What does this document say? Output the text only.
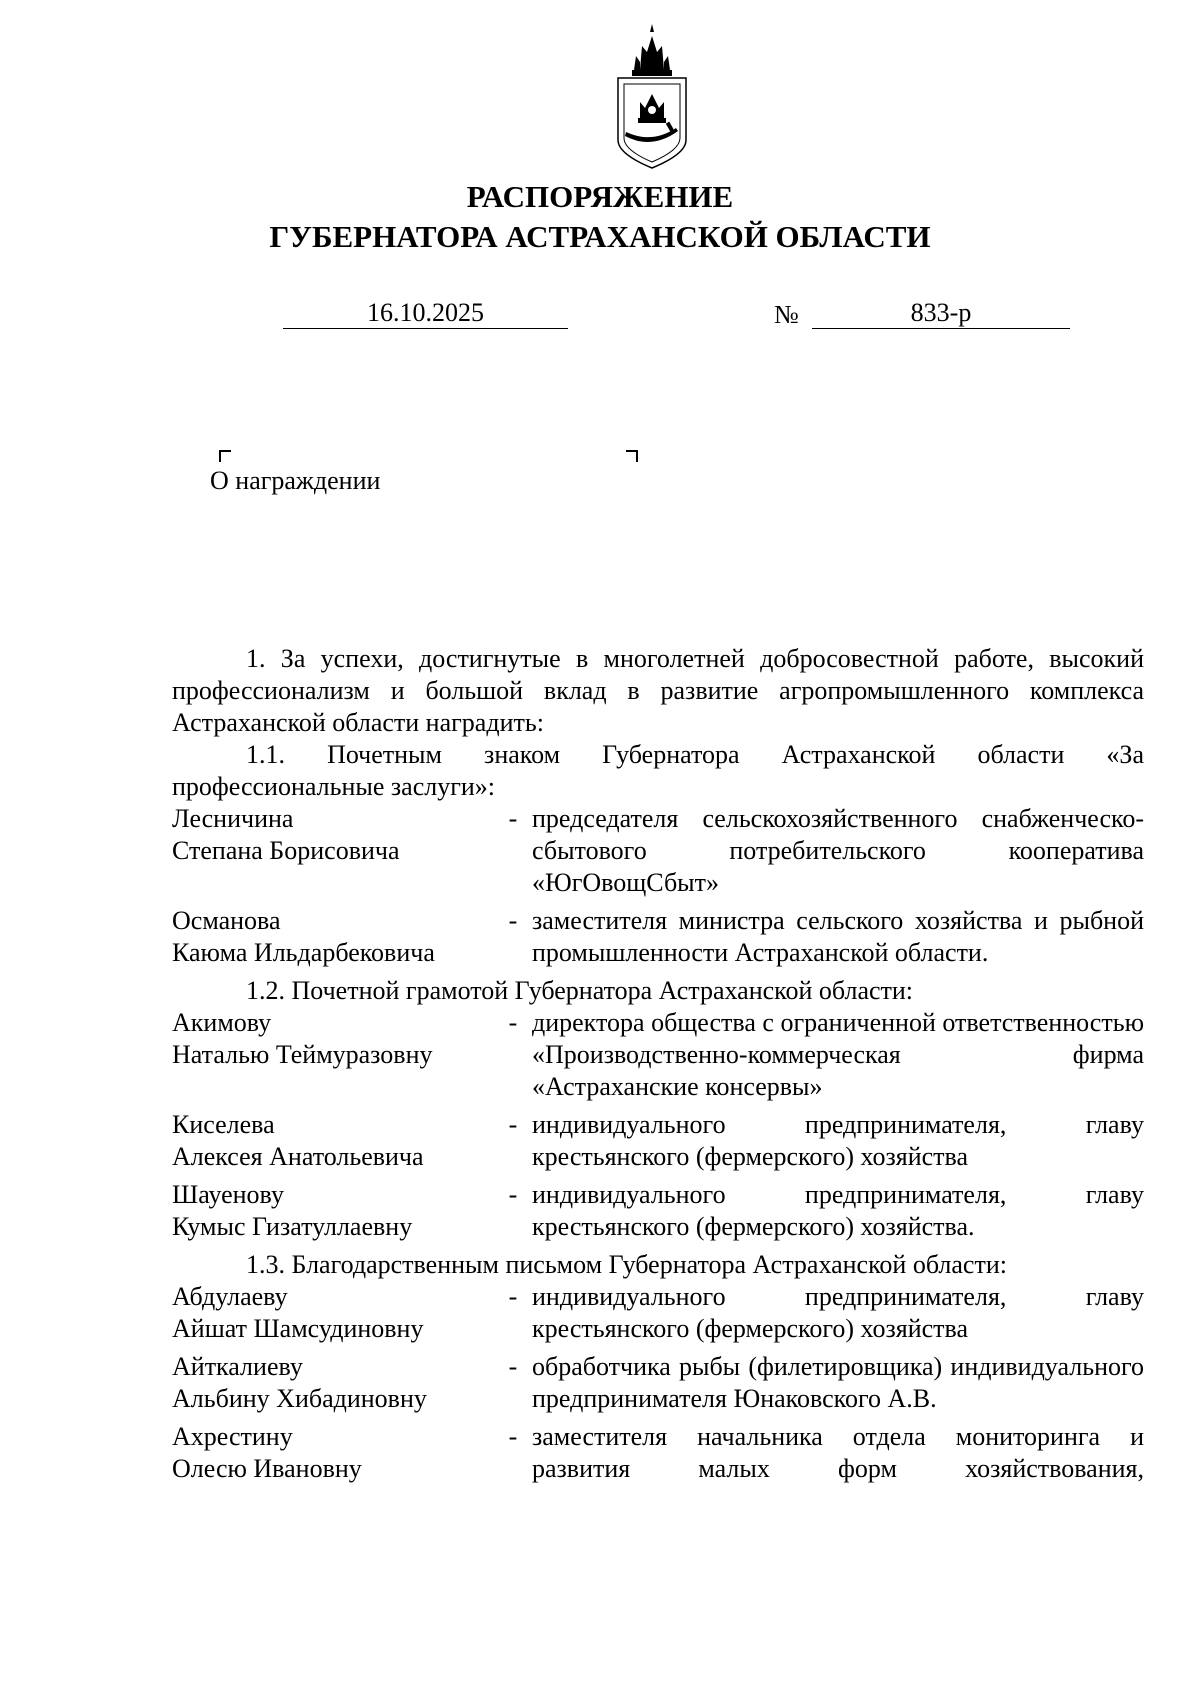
РАСПОРЯЖЕНИЕ
ГУБЕРНАТОРА АСТРАХАНСКОЙ ОБЛАСТИ
16.10.2025	№	833-р
О награждении

1. За успехи, достигнутые в многолетней добросовестной работе, высокий профессионализм и большой вклад в развитие агропромышленного комплекса Астраханской области наградить:

1.1. Почетным знаком Губернатора Астраханской области «За профессиональные заслуги»:

Лесничина
Степана Борисовича
- председателя сельскохозяйственного снабженческо-сбытового потребительского кооператива «ЮгОвощСбыт»
Османова
Каюма Ильдарбековича
- заместителя министра сельского хозяйства и рыбной промышленности Астраханской области.

1.2. Почетной грамотой Губернатора Астраханской области:

Акимову
Наталью Теймуразовну
- директора общества с ограниченной ответственностью «Производственно-коммерческая фирма «Астраханские консервы»
Киселева
Алексея Анатольевича
- индивидуального предпринимателя, главу крестьянского (фермерского) хозяйства
Шауенову
Кумыс Гизатуллаевну
- индивидуального предпринимателя, главу крестьянского (фермерского) хозяйства.

1.3. Благодарственным письмом Губернатора Астраханской области:

Абдулаеву
Айшат Шамсудиновну
- индивидуального предпринимателя, главу крестьянского (фермерского) хозяйства
Айткалиеву
Альбину Хибадиновну
- обработчика рыбы (филетировщика) индивидуального предпринимателя Юнаковского А.В.
Ахрестину
Олесю Ивановну
- заместителя начальника отдела мониторинга и развития малых форм хозяйствования,
